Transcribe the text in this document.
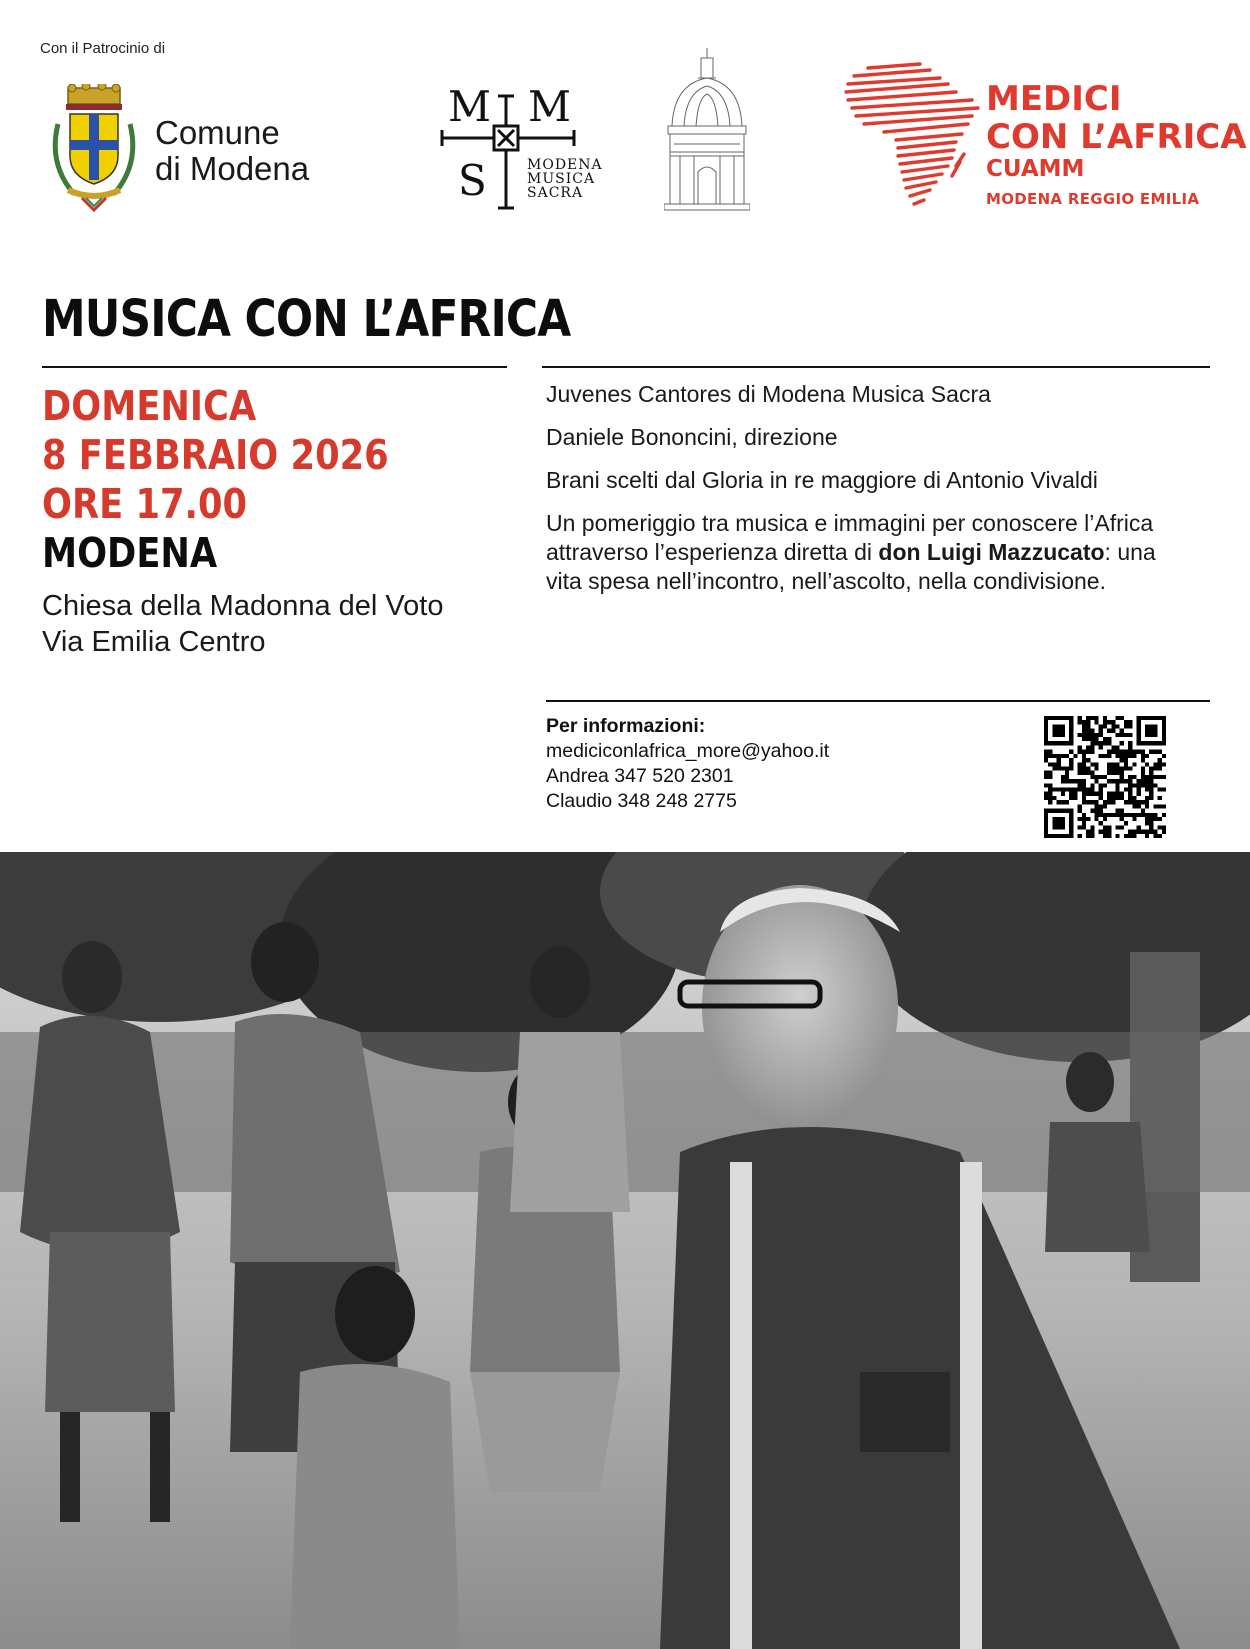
Con il Patrocinio di
Comune
di Modena
M M
S	MODENA
MUSICA
SACRA
MEDICI
CON L’AFRICA
CUAMM
MODENA REGGIO EMILIA
MUSICA CON L’AFRICA
DOMENICA
8 FEBBRAIO 2026
ORE 17.00
MODENA
Chiesa della Madonna del Voto
Via Emilia Centro

Juvenes Cantores di Modena Musica Sacra

Daniele Bononcini, direzione

Brani scelti dal Gloria in re maggiore di Antonio Vivaldi

Un pomeriggio tra musica e immagini per conoscere l’Africa attraverso l’esperienza diretta di don Luigi Mazzucato: una vita spesa nell’incontro, nell’ascolto, nella condivisione.

Per informazioni:
mediciconlafrica_more@yahoo.it
Andrea 347 520 2301
Claudio 348 248 2775
